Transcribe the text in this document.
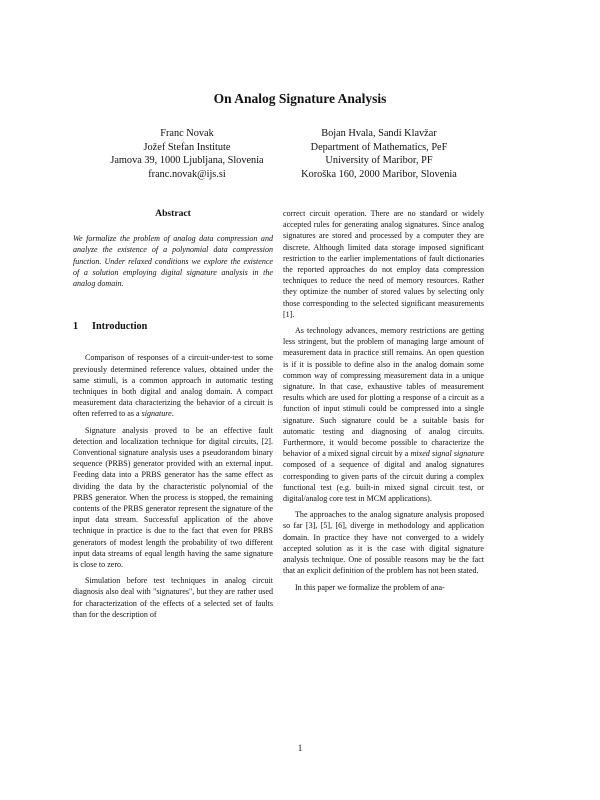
On Analog Signature Analysis
Franc Novak
Jožef Stefan Institute
Jamova 39, 1000 Ljubljana, Slovenia
franc.novak@ijs.si
Bojan Hvala, Sandi Klavžar
Department of Mathematics, PeF
University of Maribor, PF
Koroška 160, 2000 Maribor, Slovenia
Abstract

We formalize the problem of analog data compression and analyze the existence of a polynomial data compression function. Under relaxed conditions we explore the existence of a solution employing digital signature analysis in the analog domain.

1 Introduction

Comparison of responses of a circuit-under-test to some previously determined reference values, obtained under the same stimuli, is a common approach in automatic testing techniques in both digital and analog domain. A compact measurement data characterizing the behavior of a circuit is often referred to as a signature.

Signature analysis proved to be an effective fault detection and localization technique for digital circuits, [2]. Conventional signature analysis uses a pseudorandom binary sequence (PRBS) generator provided with an external input. Feeding data into a PRBS generator has the same effect as dividing the data by the characteristic polynomial of the PRBS generator. When the process is stopped, the remaining contents of the PRBS generator represent the signature of the input data stream. Successful application of the above technique in practice is due to the fact that even for PRBS generators of modest length the probability of two different input data streams of equal length having the same signature is close to zero.

Simulation before test techniques in analog circuit diagnosis also deal with "signatures", but they are rather used for characterization of the effects of a selected set of faults than for the description of

correct circuit operation. There are no standard or widely accepted rules for generating analog signatures. Since analog signatures are stored and processed by a computer they are discrete. Although limited data storage imposed significant restriction to the earlier implementations of fault dictionaries the reported approaches do not employ data compression techniques to reduce the need of memory resources. Rather they optimize the number of stored values by selecting only those corresponding to the selected significant measurements [1].

As technology advances, memory restrictions are getting less stringent, but the problem of managing large amount of measurement data in practice still remains. An open question is if it is possible to define also in the analog domain some common way of compressing measurement data in a unique signature. In that case, exhaustive tables of measurement results which are used for plotting a response of a circuit as a function of input stimuli could be compressed into a single signature. Such signature could be a suitable basis for automatic testing and diagnosing of analog circuits. Furthermore, it would become possible to characterize the behavior of a mixed signal circuit by a mixed signal signature composed of a sequence of digital and analog signatures corresponding to given parts of the circuit during a complex functional test (e.g. built-in mixed signal circuit test, or digital/analog core test in MCM applications).

The approaches to the analog signature analysis proposed so far [3], [5], [6], diverge in methodology and application domain. In practice they have not converged to a widely accepted solution as it is the case with digital signature analysis technique. One of possible reasons may be the fact that an explicit definition of the problem has not been stated.

In this paper we formalize the problem of ana-

1
